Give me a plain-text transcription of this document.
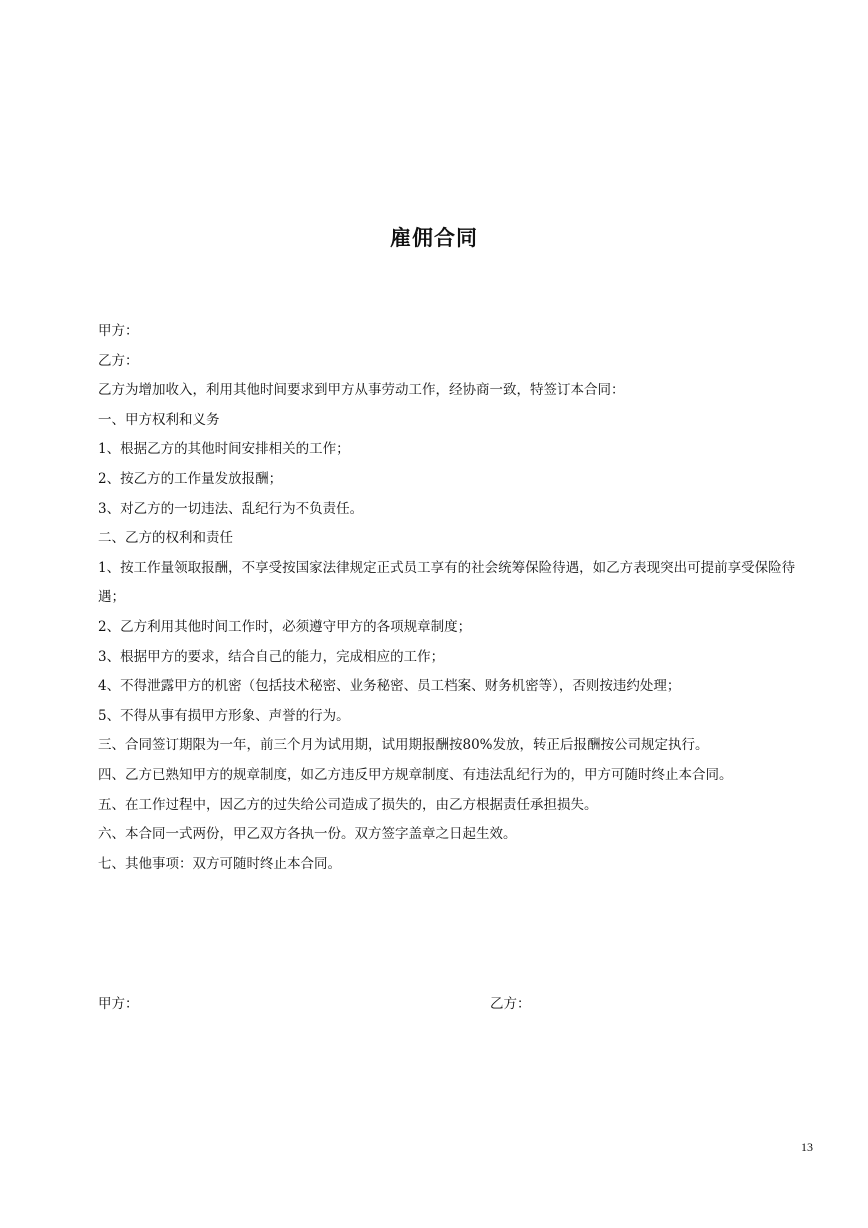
雇佣合同
甲方：
乙方：
乙方为增加收入，利用其他时间要求到甲方从事劳动工作，经协商一致，特签订本合同：
一、甲方权利和义务
1、根据乙方的其他时间安排相关的工作；
2、按乙方的工作量发放报酬；
3、对乙方的一切违法、乱纪行为不负责任。
二、乙方的权利和责任
1、按工作量领取报酬，不享受按国家法律规定正式员工享有的社会统筹保险待遇，如乙方表现突出可提前享受保险待遇；
2、乙方利用其他时间工作时，必须遵守甲方的各项规章制度；
3、根据甲方的要求，结合自己的能力，完成相应的工作；
4、不得泄露甲方的机密（包括技术秘密、业务秘密、员工档案、财务机密等），否则按违约处理；
5、不得从事有损甲方形象、声誉的行为。
三、合同签订期限为一年，前三个月为试用期，试用期报酬按80%发放，转正后报酬按公司规定执行。
四、乙方已熟知甲方的规章制度，如乙方违反甲方规章制度、有违法乱纪行为的，甲方可随时终止本合同。
五、在工作过程中，因乙方的过失给公司造成了损失的，由乙方根据责任承担损失。
六、本合同一式两份，甲乙双方各执一份。双方签字盖章之日起生效。
七、其他事项：双方可随时终止本合同。
甲方：	乙方：
13
